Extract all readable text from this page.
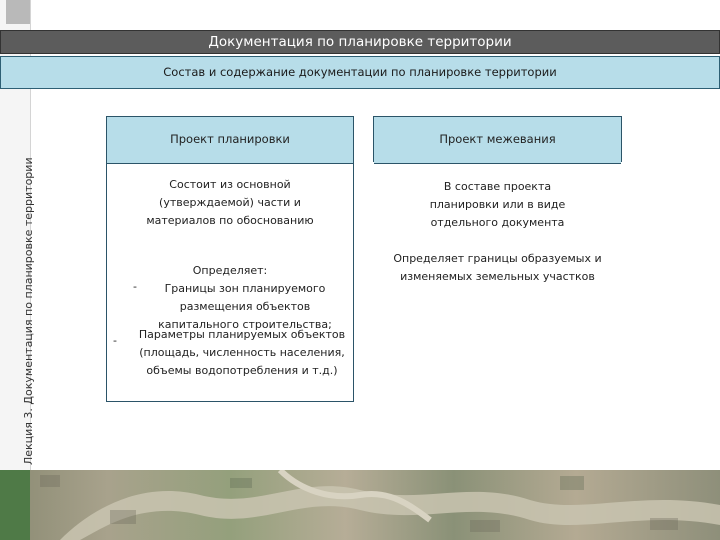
Лекция 3. Документация по планировке территории
Документация по планировке территории
Состав и содержание документации по планировке территории
Проект планировки
Состоит из основной
(утверждаемой) части и
материалов по обоснованию
Определяет:
-	Границы зон планируемого
размещения объектов
капитального строительства;
-	Параметры планируемых объектов
(площадь, численность населения,
объемы водопотребления и т.д.)
Проект межевания
В составе проекта
планировки или в виде
отдельного документа
Определяет границы образуемых и
изменяемых земельных участков
